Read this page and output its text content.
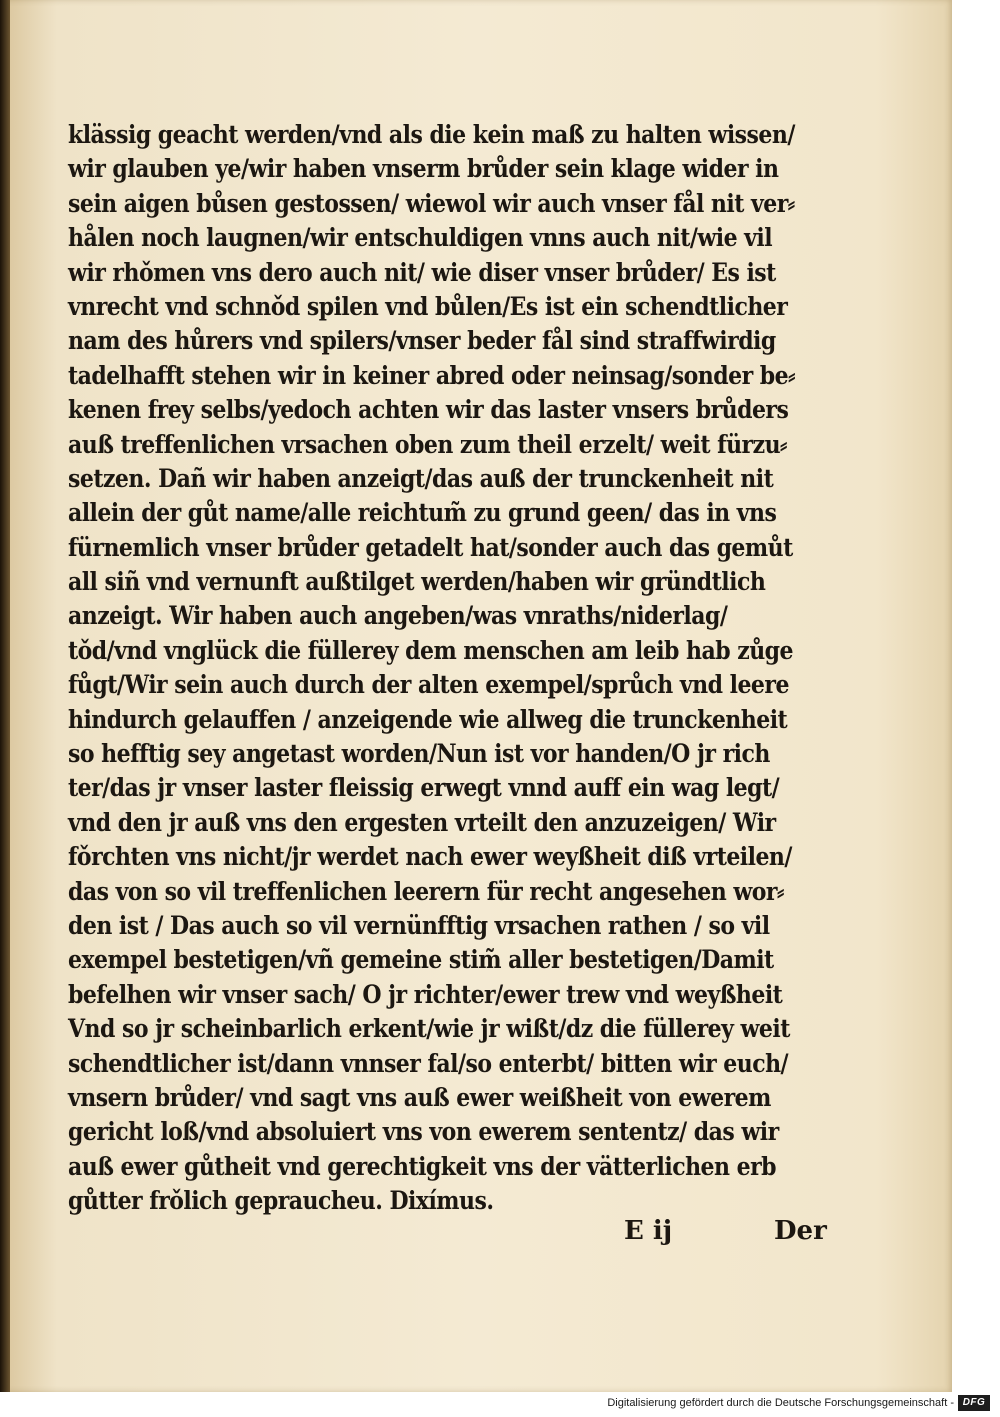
klässig geacht werden/vnd als die kein maß zu halten wissen/
wir glauben ye/wir haben vnserm brůder sein klage wider in
sein aigen bůsen gestossen/ wiewol wir auch vnser fål nit ver⸗
hålen noch laugnen/wir entschuldigen vnns auch nit/wie vil
wir rhǒmen vns dero auch nit/ wie diser vnser brůder/ Es ist
vnrecht vnd schnǒd spilen vnd bůlen/Es ist ein schendtlicher
nam des hůrers vnd spilers/vnser beder fål sind straffwirdig
tadelhafft stehen wir in keiner abred oder neinsag/sonder be⸗
kenen frey selbs/yedoch achten wir das laster vnsers brůders
auß treffenlichen vrsachen oben zum theil erzelt/ weit fürzu⸗
setzen. Dañ wir haben anzeigt/das auß der trunckenheit nit
allein der gůt name/alle reichtum̃ zu grund geen/ das in vns
fürnemlich vnser brůder getadelt hat/sonder auch das gemůt
all siñ vnd vernunft außtilget werden/haben wir gründtlich
anzeigt. Wir haben auch angeben/was vnraths/niderlag/
tǒd/vnd vnglück die füllerey dem menschen am leib hab zůge
fůgt/Wir sein auch durch der alten exempel/sprůch vnd leere
hindurch gelauffen / anzeigende wie allweg die trunckenheit
so hefftig sey angetast worden/Nun ist vor handen/O jr rich
ter/das jr vnser laster fleissig erwegt vnnd auff ein wag legt/
vnd den jr auß vns den ergesten vrteilt den anzuzeigen/ Wir
fǒrchten vns nicht/jr werdet nach ewer weyßheit diß vrteilen/
das von so vil treffenlichen leerern für recht angesehen wor⸗
den ist / Das auch so vil vernünfftig vrsachen rathen / so vil
exempel bestetigen/vñ gemeine stim̃ aller bestetigen/Damit
befelhen wir vnser sach/ O jr richter/ewer trew vnd weyßheit
Vnd so jr scheinbarlich erkent/wie jr wißt/dz die füllerey weit
schendtlicher ist/dann vnnser fal/so enterbt/ bitten wir euch/
vnsern brůder/ vnd sagt vns auß ewer weißheit von ewerem
gericht loß/vnd absoluiert vns von ewerem sententz/ das wir
auß ewer gůtheit vnd gerechtigkeit vns der vätterlichen erb
gůtter frǒlich gepraucheu. Dixímus.
E ij	Der
Digitalisierung gefördert durch die Deutsche Forschungsgemeinschaft - DFG
